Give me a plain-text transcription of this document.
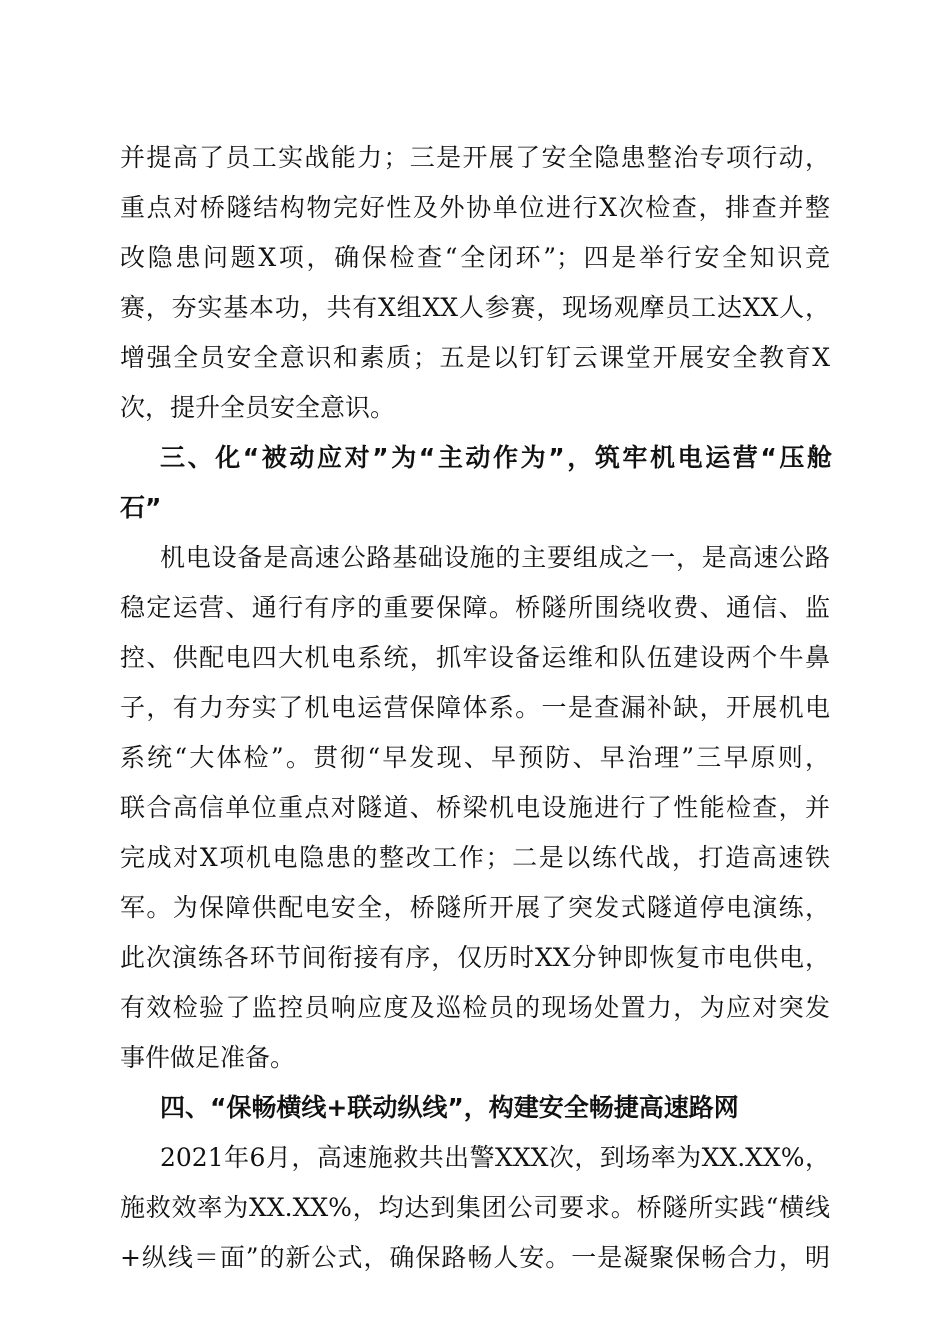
并提高了员工实战能力；三是开展了安全隐患整治专项行动，
重点对桥隧结构物完好性及外协单位进行X次检查，排查并整
改隐患问题X项，确保检查“全闭环”；四是举行安全知识竞
赛，夯实基本功，共有X组XX人参赛，现场观摩员工达XX人，
增强全员安全意识和素质；五是以钉钉云课堂开展安全教育X
次，提升全员安全意识。
三、化“被动应对”为“主动作为”，筑牢机电运营“压舱
石”
机电设备是高速公路基础设施的主要组成之一，是高速公路
稳定运营、通行有序的重要保障。桥隧所围绕收费、通信、监
控、供配电四大机电系统，抓牢设备运维和队伍建设两个牛鼻
子，有力夯实了机电运营保障体系。一是查漏补缺，开展机电
系统“大体检”。贯彻“早发现、早预防、早治理”三早原则，
联合高信单位重点对隧道、桥梁机电设施进行了性能检查，并
完成对X项机电隐患的整改工作；二是以练代战，打造高速铁
军。为保障供配电安全，桥隧所开展了突发式隧道停电演练，
此次演练各环节间衔接有序，仅历时XX分钟即恢复市电供电，
有效检验了监控员响应度及巡检员的现场处置力，为应对突发
事件做足准备。
四、“保畅横线+联动纵线”，构建安全畅捷高速路网
2021年6月，高速施救共出警XXX次，到场率为XX.XX%，
施救效率为XX.XX%，均达到集团公司要求。桥隧所实践“横线
+纵线＝面”的新公式，确保路畅人安。一是凝聚保畅合力，明
